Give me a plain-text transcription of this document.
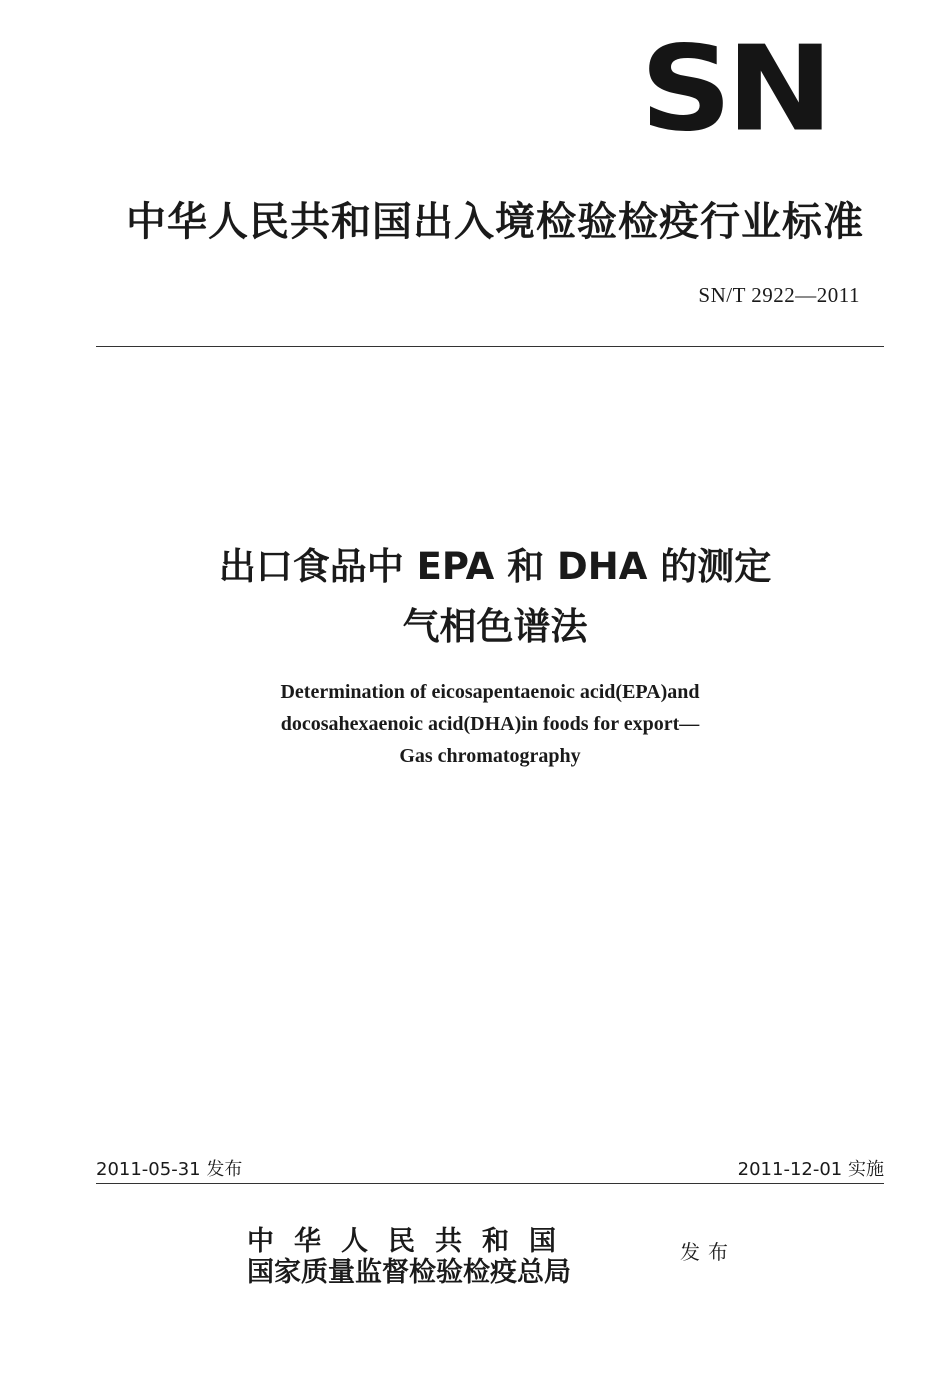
SN
中华人民共和国出入境检验检疫行业标准
SN/T 2922—2011
出口食品中 EPA 和 DHA 的测定
气相色谱法
Determination of eicosapentaenoic acid(EPA)and
docosahexaenoic acid(DHA)in foods for export—
Gas chromatography
2011-05-31 发布	2011-12-01 实施
中华人民共和国
国家质量监督检验检疫总局
发布
